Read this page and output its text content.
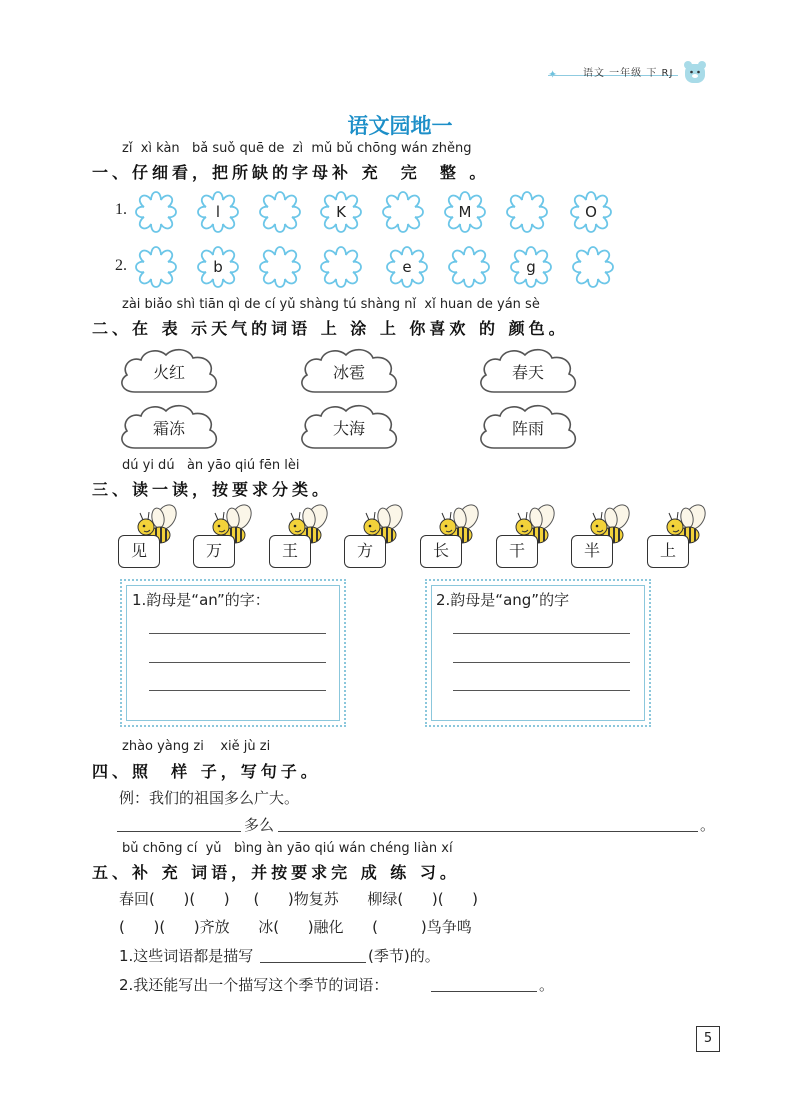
语文 一年级 下 RJ
语文园地一
zǐ  xì kàn   bǎ suǒ quē de  zì  mǔ bǔ chōng wán zhěng
一、仔细看，把所缺的字母补 充  完  整 。
1.	l	K	M	O
2.	b	e	g
zài biǎo shì tiān qì de cí yǔ shàng tú shàng nǐ  xǐ huan de yán sè
二、在 表 示天气的词语 上 涂 上 你喜欢 的 颜色。
火红	冰雹	春天
霜冻	大海	阵雨
dú yi dú   àn yāo qiú fēn lèi
三、读一读，按要求分类。
见	万	王	方	长	干	半	上
1.韵母是“an”的字：	2.韵母是“ang”的字
zhào yàng zi    xiě jù zi
四、照  样 子，写句子。
例：我们的祖国多么广大。
多么	。
bǔ chōng cí  yǔ   bìng àn yāo qiú wán chéng liàn xí
五、补 充 词语，并按要求完 成 练 习。
春回(      )(      )     (      )物复苏      柳绿(      )(      )
(      )(      )齐放      冰(      )融化      (         )鸟争鸣
1.这些词语都是描写	(季节)的。
2.我还能写出一个描写这个季节的词语：	。
5
